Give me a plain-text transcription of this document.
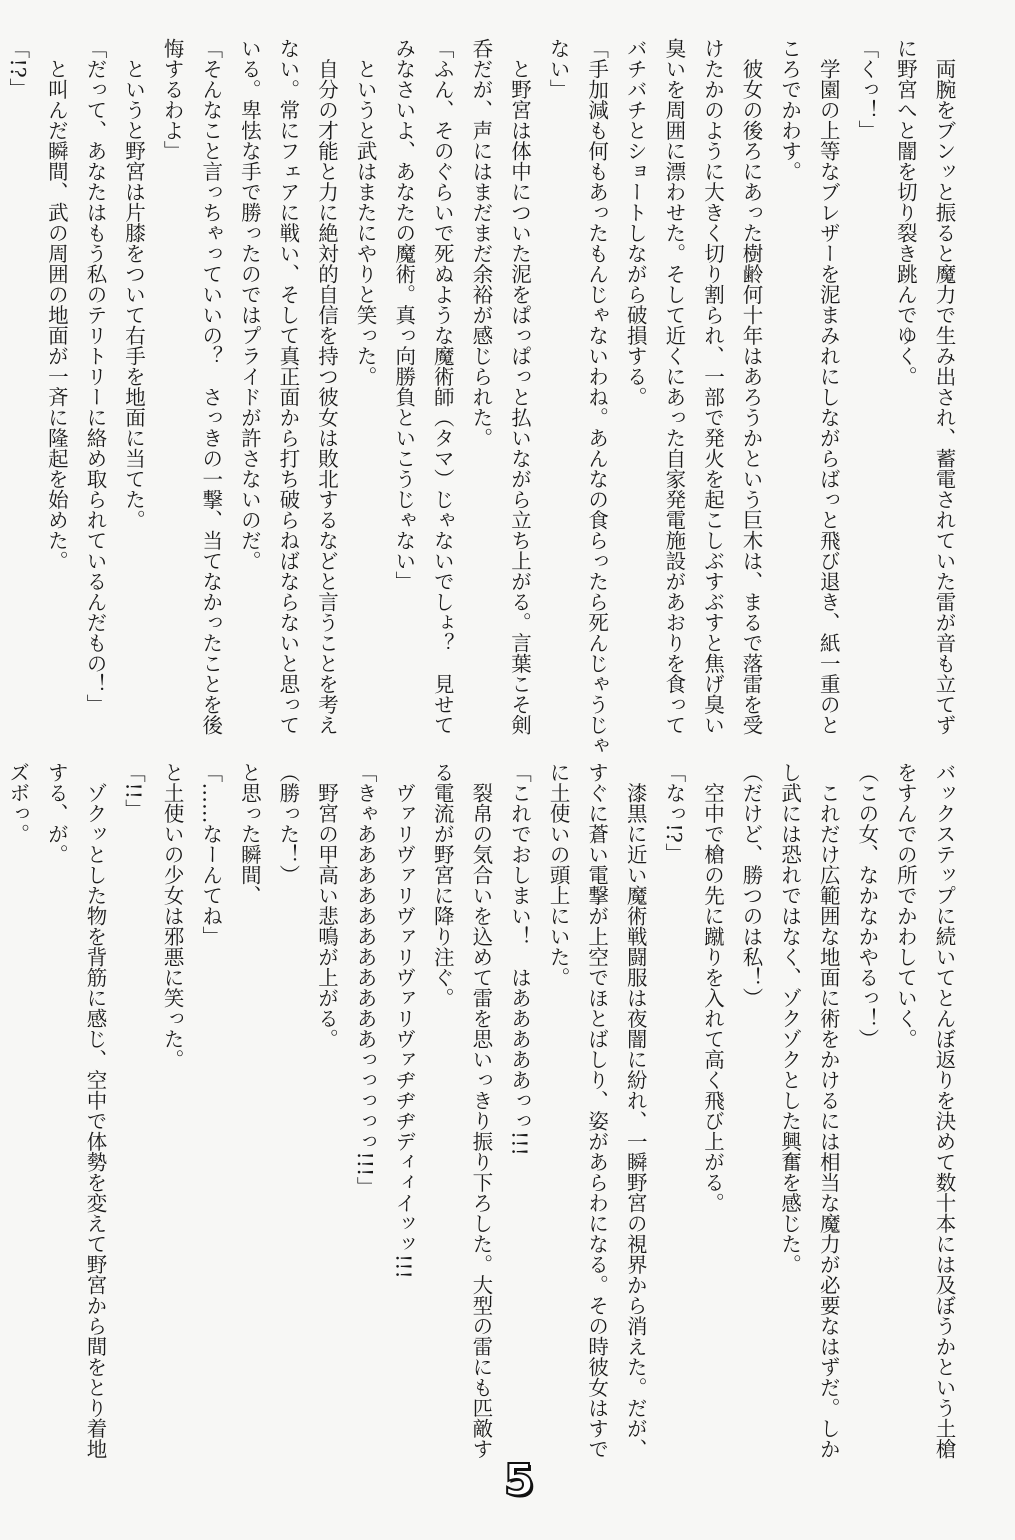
　両腕をブンッと振ると魔力で生み出され、蓄電されていた雷が音も立てず
に野宮へと闇を切り裂き跳んでゆく。
「くっ！」
　学園の上等なブレザーを泥まみれにしながらばっと飛び退き、紙一重のと
ころでかわす。
　彼女の後ろにあった樹齢何十年はあろうかという巨木は、まるで落雷を受
けたかのように大きく切り割られ、一部で発火を起こしぶすぶすと焦げ臭い
臭いを周囲に漂わせた。そして近くにあった自家発電施設があおりを食って
バチバチとショートしながら破損する。
「手加減も何もあったもんじゃないわね。あんなの食らったら死んじゃうじゃ
ない」
　と野宮は体中についた泥をぱっぱっと払いながら立ち上がる。言葉こそ剣
呑だが、声にはまだまだ余裕が感じられた。
「ふん、そのぐらいで死ぬような魔術師（タマ）じゃないでしょ？　見せて
みなさいよ、あなたの魔術。真っ向勝負といこうじゃない」
　というと武はまたにやりと笑った。
　自分の才能と力に絶対的自信を持つ彼女は敗北するなどと言うことを考え
ない。常にフェアに戦い、そして真正面から打ち破らねばならないと思って
いる。卑怯な手で勝ったのではプライドが許さないのだ。
「そんなこと言っちゃっていいの？　さっきの一撃、当てなかったことを後
悔するわよ」
　というと野宮は片膝をついて右手を地面に当てた。
「だって、あなたはもう私のテリトリーに絡め取られているんだもの！」
　と叫んだ瞬間、武の周囲の地面が一斉に隆起を始めた。
「!?」
バックステップに続いてとんぼ返りを決めて数十本には及ぼうかという土槍
をすんでの所でかわしていく。
（この女、なかなかやるっ！）
　これだけ広範囲な地面に術をかけるには相当な魔力が必要なはずだ。しか
し武には恐れではなく、ゾクゾクとした興奮を感じた。
（だけど、勝つのは私！）
　空中で槍の先に蹴りを入れて高く飛び上がる。
「なっ!?」
　漆黒に近い魔術戦闘服は夜闇に紛れ、一瞬野宮の視界から消えた。だが、
すぐに蒼い電撃が上空でほとばしり、姿があらわになる。その時彼女はすで
に土使いの頭上にいた。
「これでおしまい！　はあああああっっ!!!
　裂帛の気合いを込めて雷を思いっきり振り下ろした。大型の雷にも匹敵す
る電流が野宮に降り注ぐ。
　ヴァリヴァリヴァリヴァリヴァヂヂヂディィイッッ!!!
「きゃあああああああああああっっっっっ!!!」
　野宮の甲高い悲鳴が上がる。
（勝った！）
と思った瞬間、
「……なーんてね」
と土使いの少女は邪悪に笑った。
「!!」
　ゾクッとした物を背筋に感じ、空中で体勢を変えて野宮から間をとり着地
する、が。
ズボっ。
5
